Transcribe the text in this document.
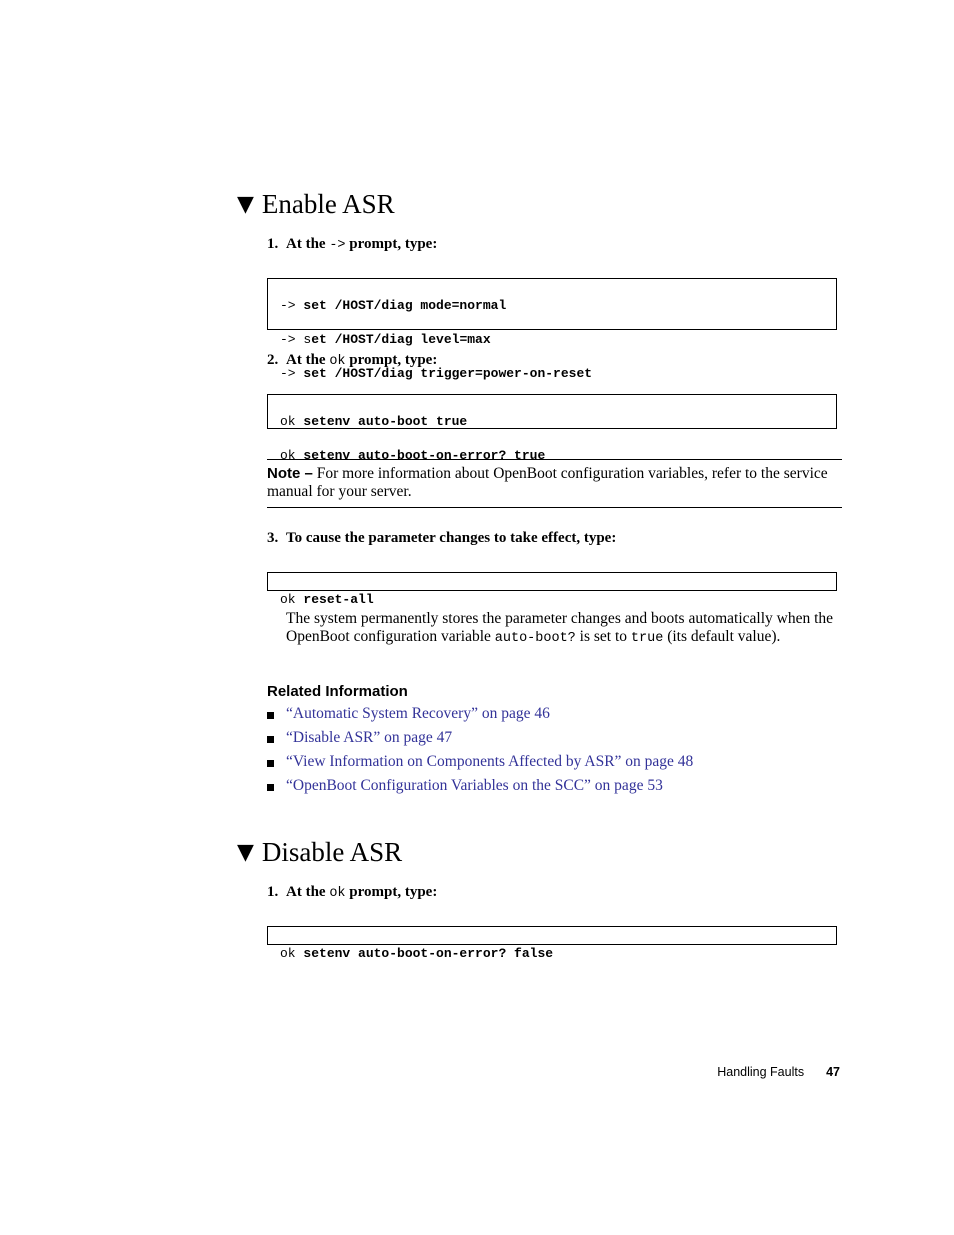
▼ Enable ASR
1. At the -> prompt, type:

-> set /HOST/diag mode=normal

-> set /HOST/diag level=max

-> set /HOST/diag trigger=power-on-reset

2. At the ok prompt, type:

ok setenv auto-boot true

ok setenv auto-boot-on-error? true

Note – For more information about OpenBoot configuration variables, refer to the service manual for your server.
3. To cause the parameter changes to take effect, type:

ok reset-all

The system permanently stores the parameter changes and boots automatically when the OpenBoot configuration variable auto-boot? is set to true (its default value).
Related Information
“Automatic System Recovery” on page 46
“Disable ASR” on page 47
“View Information on Components Affected by ASR” on page 48
“OpenBoot Configuration Variables on the SCC” on page 53
▼ Disable ASR
1. At the ok prompt, type:

ok setenv auto-boot-on-error? false

Handling Faults 47
